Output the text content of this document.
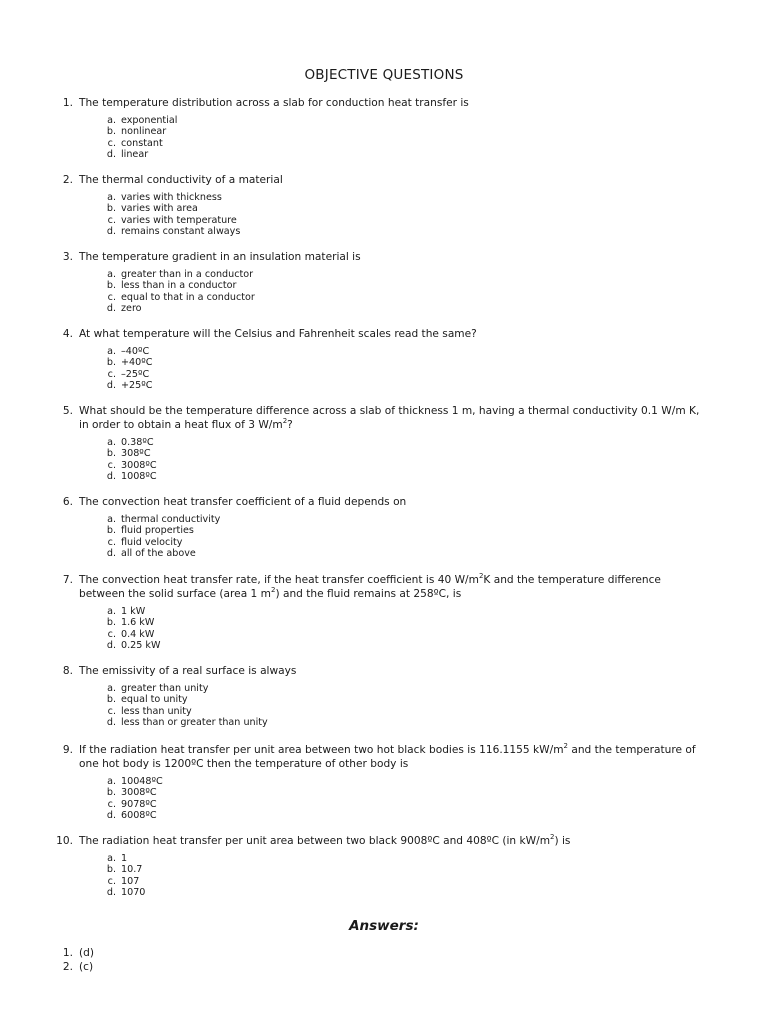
OBJECTIVE QUESTIONS
1. The temperature distribution across a slab for conduction heat transfer is
a. exponential
b. nonlinear
c. constant
d. linear
2. The thermal conductivity of a material
a. varies with thickness
b. varies with area
c. varies with temperature
d. remains constant always
3. The temperature gradient in an insulation material is
a. greater than in a conductor
b. less than in a conductor
c. equal to that in a conductor
d. zero
4. At what temperature will the Celsius and Fahrenheit scales read the same?
a. –40ºC
b. +40ºC
c. –25ºC
d. +25ºC
5. What should be the temperature difference across a slab of thickness 1 m, having a thermal conductivity 0.1 W/m K, in order to obtain a heat flux of 3 $W/m^2$?
a. 0.38ºC
b. 308ºC
c. 3008ºC
d. 1008ºC
6. The convection heat transfer coefficient of a fluid depends on
a. thermal conductivity
b. fluid properties
c. fluid velocity
d. all of the above
7. The convection heat transfer rate, if the heat transfer coefficient is 40 $W/m^2K$ and the temperature difference between the solid surface (area 1 $m^2$) and the fluid remains at 258ºC, is
a. 1 kW
b. 1.6 kW
c. 0.4 kW
d. 0.25 kW
8. The emissivity of a real surface is always
a. greater than unity
b. equal to unity
c. less than unity
d. less than or greater than unity
9. If the radiation heat transfer per unit area between two hot black bodies is 116.1155 $kW/m^2$ and the temperature of one hot body is 1200ºC then the temperature of other body is
a. 10048ºC
b. 3008ºC
c. 9078ºC
d. 6008ºC
10. The radiation heat transfer per unit area between two black 9008ºC and 408ºC (in $kW/m^2$) is
a. 1
b. 10.7
c. 107
d. 1070
Answers:
1. (d)
2. (c)
